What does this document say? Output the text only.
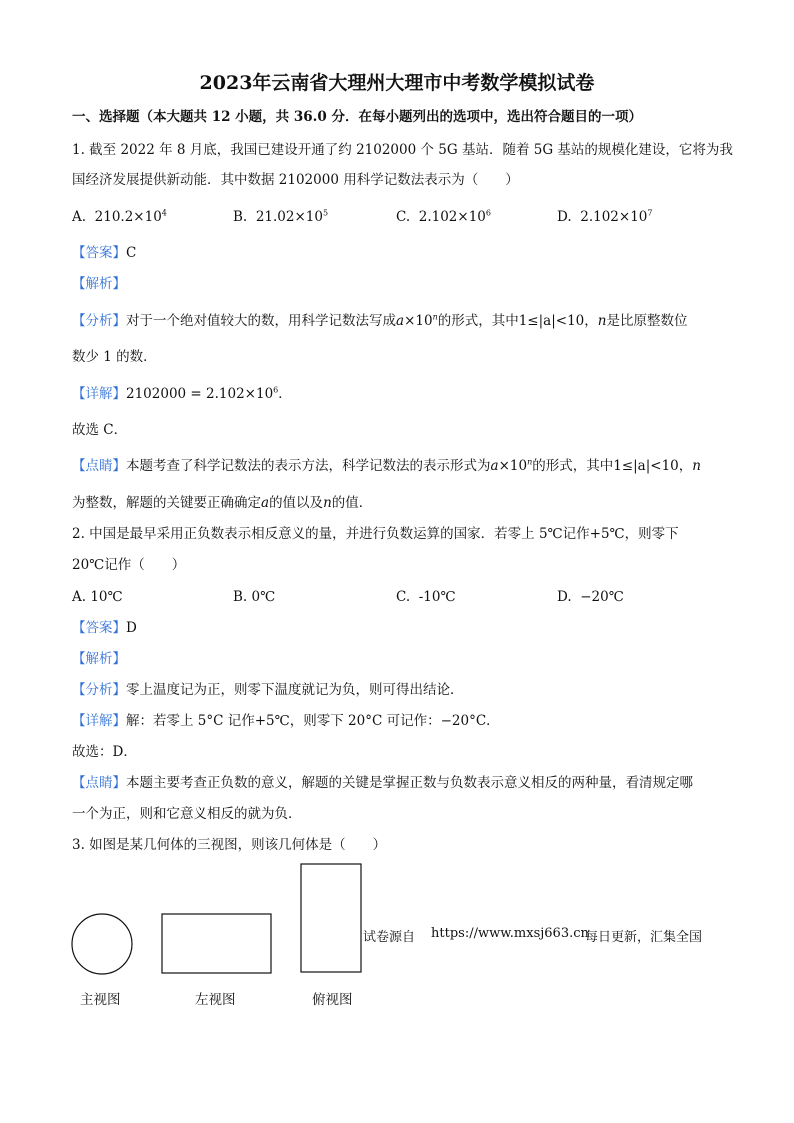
2023年云南省大理州大理市中考数学模拟试卷
一、选择题（本大题共 12 小题，共 36.0 分．在每小题列出的选项中，选出符合题目的一项）
1. 截至 2022 年 8 月底，我国已建设开通了约 2102000 个 5G 基站．随着 5G 基站的规模化建设，它将为我
国经济发展提供新动能．其中数据 2102000 用科学记数法表示为（　　）
A. $210.2\times 10^4$	B. $21.02\times 10^5$	C. $2.102\times 10^6$	D. $2.102\times 10^7$
【答案】C
【解析】
【分析】对于一个绝对值较大的数，用科学记数法写成$a\times 10^n$的形式，其中1≤|a|<10，n是比原整数位
数少 1 的数．
【详解】$2102000 = 2.102\times 10^6$．
故选 C．
【点睛】本题考查了科学记数法的表示方法，科学记数法的表示形式为$a\times 10^n$的形式，其中1≤|a|<10，n
为整数，解题的关键要正确确定a的值以及n的值．
2. 中国是最早采用正负数表示相反意义的量，并进行负数运算的国家．若零上 5℃记作+5℃，则零下
20℃记作（　　）
A. 10℃	B. 0℃	C. -10℃	D. −20℃
【答案】D
【解析】
【分析】零上温度记为正，则零下温度就记为负，则可得出结论．
【详解】解：若零上 5°C 记作+5℃，则零下 20°C 可记作：−20°C．
故选：D．
【点睛】本题主要考查正负数的意义，解题的关键是掌握正数与负数表示意义相反的两种量，看清规定哪
一个为正，则和它意义相反的就为负．
3. 如图是某几何体的三视图，则该几何体是（　　）
主视图	左视图	俯视图
试卷源自 https://www.mxsj663.cn
每日更新，汇集全国
